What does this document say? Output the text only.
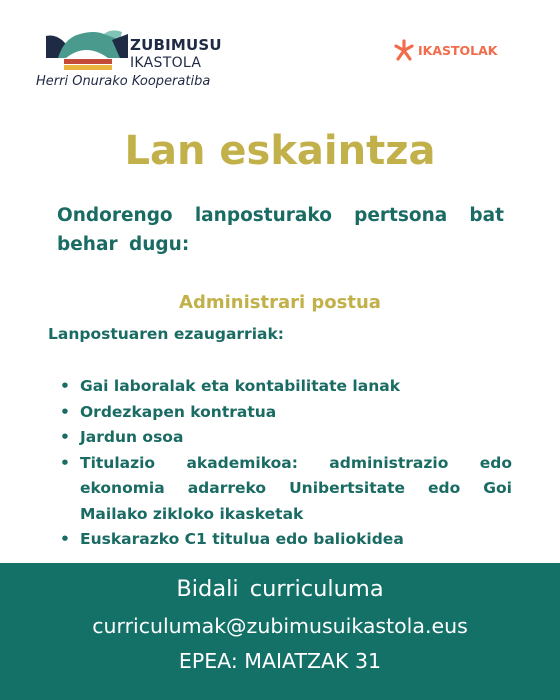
ZUBIMUSU
IKASTOLA
Herri Onurako Kooperatiba
IKASTOLAK
Lan eskaintza

Ondorengo lanposturako pertsona bat behar dugu:

Administrari postua
Lanpostuaren ezaugarriak:
• Gai laboralak eta kontabilitate lanak
• Ordezkapen kontratua
• Jardun osoa
• Titulazio akademikoa: administrazio edo ekonomia adarreko Unibertsitate edo Goi Mailako zikloko ikasketak
• Euskarazko C1 titulua edo baliokidea
Bidali curriculuma
curriculumak@zubimusuikastola.eus
EPEA: MAIATZAK 31
